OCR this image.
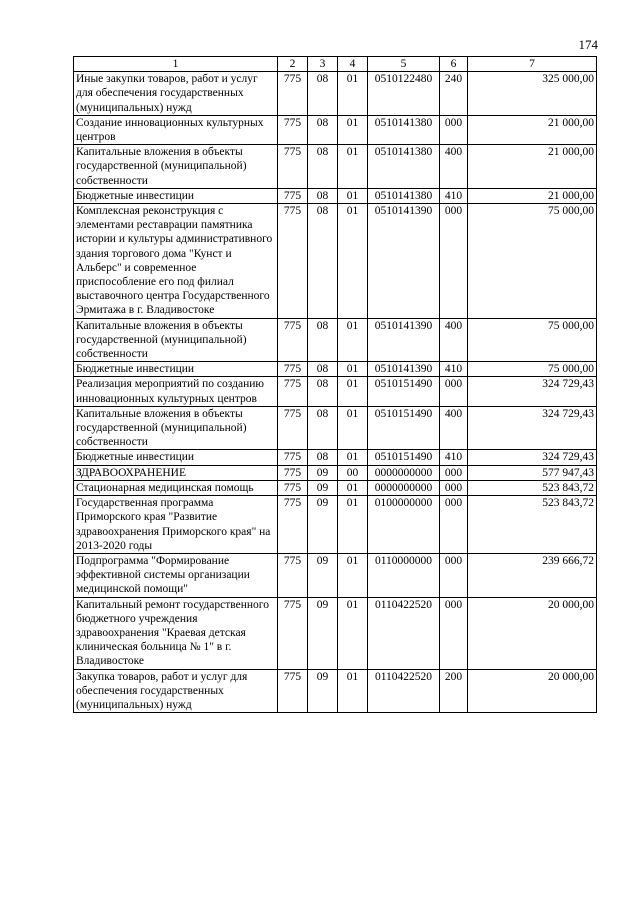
174
1	2	3	4	5	6	7
Иные закупки товаров, работ и услуг для обеспечения государственных (муниципальных) нужд	775	08	01	0510122480	240	325 000,00
Создание инновационных культурных центров	775	08	01	0510141380	000	21 000,00
Капитальные вложения в объекты государственной (муниципальной) собственности	775	08	01	0510141380	400	21 000,00
Бюджетные инвестиции	775	08	01	0510141380	410	21 000,00
Комплексная реконструкция с элементами реставрации памятника истории и культуры административного здания торгового дома "Кунст и Альберс" и современное приспособление его под филиал выставочного центра Государственного Эрмитажа в г. Владивостоке	775	08	01	0510141390	000	75 000,00
Капитальные вложения в объекты государственной (муниципальной) собственности	775	08	01	0510141390	400	75 000,00
Бюджетные инвестиции	775	08	01	0510141390	410	75 000,00
Реализация мероприятий по созданию инновационных культурных центров	775	08	01	0510151490	000	324 729,43
Капитальные вложения в объекты государственной (муниципальной) собственности	775	08	01	0510151490	400	324 729,43
Бюджетные инвестиции	775	08	01	0510151490	410	324 729,43
ЗДРАВООХРАНЕНИЕ	775	09	00	0000000000	000	577 947,43
Стационарная медицинская помощь	775	09	01	0000000000	000	523 843,72
Государственная программа Приморского края "Развитие здравоохранения Приморского края" на 2013-2020 годы	775	09	01	0100000000	000	523 843,72
Подпрограмма "Формирование эффективной системы организации медицинской помощи"	775	09	01	0110000000	000	239 666,72
Капитальный ремонт государственного бюджетного учреждения здравоохранения "Краевая детская клиническая больница № 1" в г. Владивостоке	775	09	01	0110422520	000	20 000,00
Закупка товаров, работ и услуг для обеспечения государственных (муниципальных) нужд	775	09	01	0110422520	200	20 000,00
